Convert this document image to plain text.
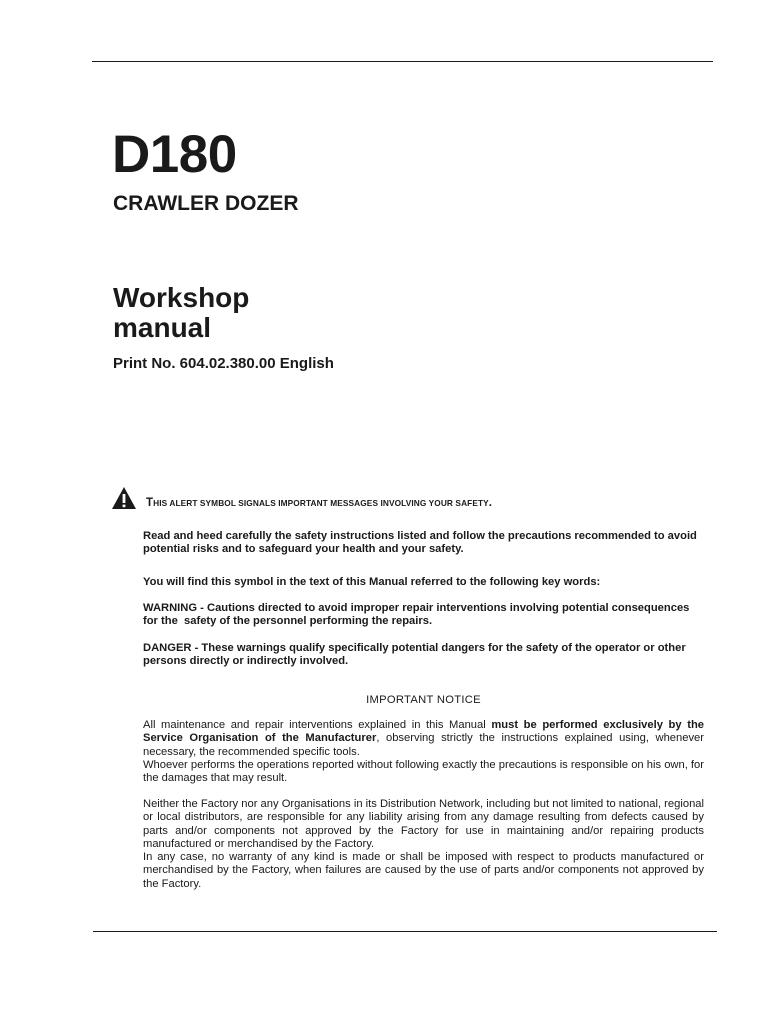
D180
CRAWLER DOZER
Workshop
manual
Print No. 604.02.380.00 English
THIS ALERT SYMBOL SIGNALS IMPORTANT MESSAGES INVOLVING YOUR SAFETY.
Read and heed carefully the safety instructions listed and follow the precautions recommended to avoid potential risks and to safeguard your health and your safety.
You will find this symbol in the text of this Manual referred to the following key words:
WARNING - Cautions directed to avoid improper repair interventions involving potential consequences
for the  safety of the personnel performing the repairs.
DANGER - These warnings qualify specifically potential dangers for the safety of the operator or other persons directly or indirectly involved.
IMPORTANT NOTICE

All maintenance and repair interventions explained in this Manual must be performed exclusively by the Service Organisation of the Manufacturer, observing strictly the instructions explained using, whenever necessary, the recommended specific tools.

Whoever performs the operations reported without following exactly the precautions is responsible on his own, for the damages that may result.

Neither the Factory nor any Organisations in its Distribution Network, including but not limited to national, regional or local distributors, are responsible for any liability arising from any damage resulting from defects caused by parts and/or components not approved by the Factory for use in maintaining and/or repairing products manufactured or merchandised by the Factory.

In any case, no warranty of any kind is made or shall be imposed with respect to products manufactured or merchandised by the Factory, when failures are caused by the use of parts and/or components not approved by the Factory.
